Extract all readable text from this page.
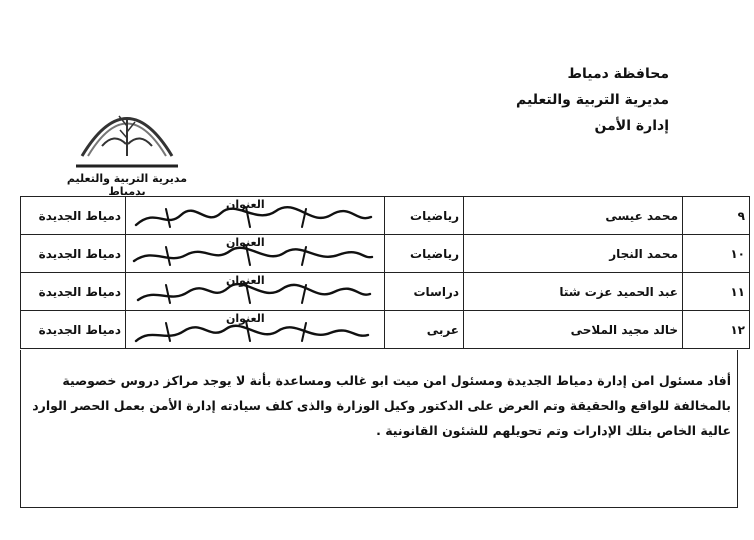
محافظة دمياط
مديرية التربية والتعليم
إدارة الأمن
مديرية التربية والتعليم بدمياط
٩	محمد عيسى	رياضيات	العنوان	دمياط الجديدة
١٠	محمد النجار	رياضيات	العنوان	دمياط الجديدة
١١	عبد الحميد عزت شتا	دراسات	العنوان	دمياط الجديدة
١٢	خالد مجيد الملاحى	عربى	العنوان	دمياط الجديدة
أفاد مسئول امن إدارة دمياط الجديدة ومسئول امن ميت ابو غالب ومساعدة بأنة لا يوجد مراكز دروس خصوصية بالمخالفة للواقع والحقيقة وتم العرض على الدكتور وكيل الوزارة والذى كلف سيادته إدارة الأمن بعمل الحصر الوارد عالية الخاص بتلك الإدارات وتم تحويلهم للشئون القانونية .
